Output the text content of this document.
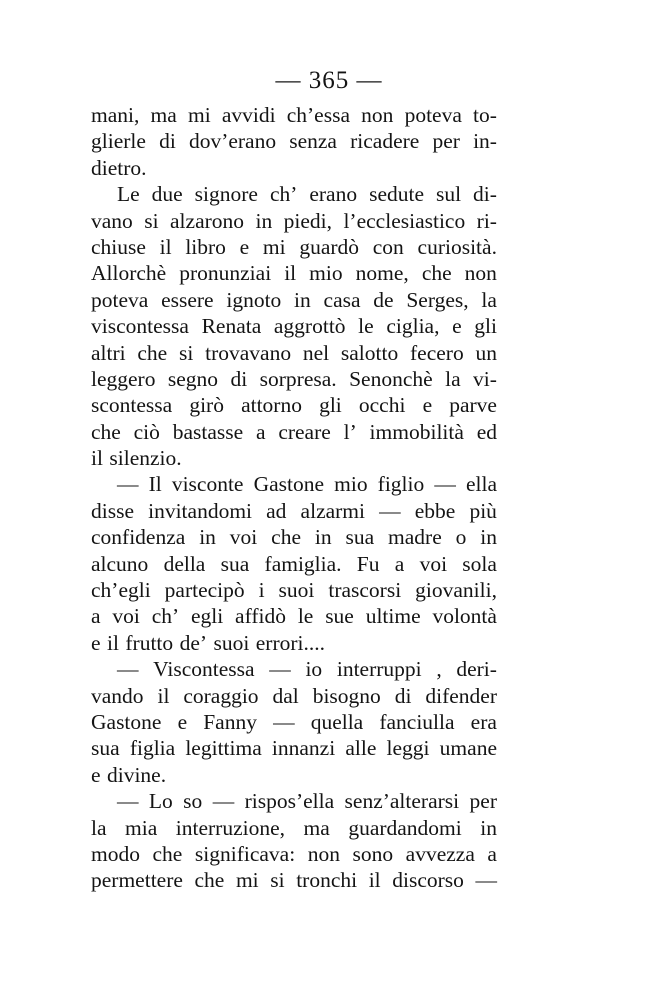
— 365 —
mani, ma mi avvidi ch’essa non poteva to-
glierle di dov’erano senza ricadere per in-
dietro.
Le due signore ch’ erano sedute sul di-
vano si alzarono in piedi, l’ecclesiastico ri-
chiuse il libro e mi guardò con curiosità.
Allorchè pronunziai il mio nome, che non
poteva essere ignoto in casa de Serges, la
viscontessa Renata aggrottò le ciglia, e gli
altri che si trovavano nel salotto fecero un
leggero segno di sorpresa. Senonchè la vi-
scontessa girò attorno gli occhi e parve
che ciò bastasse a creare l’ immobilità ed
il silenzio.
— Il visconte Gastone mio figlio — ella
disse invitandomi ad alzarmi — ebbe più
confidenza in voi che in sua madre o in
alcuno della sua famiglia. Fu a voi sola
ch’egli partecipò i suoi trascorsi giovanili,
a voi ch’ egli affidò le sue ultime volontà
e il frutto de’ suoi errori....
— Viscontessa — io interruppi , deri-
vando il coraggio dal bisogno di difender
Gastone e Fanny — quella fanciulla era
sua figlia legittima innanzi alle leggi umane
e divine.
— Lo so — rispos’ella senz’alterarsi per
la mia interruzione, ma guardandomi in
modo che significava: non sono avvezza a
permettere che mi si tronchi il discorso —
